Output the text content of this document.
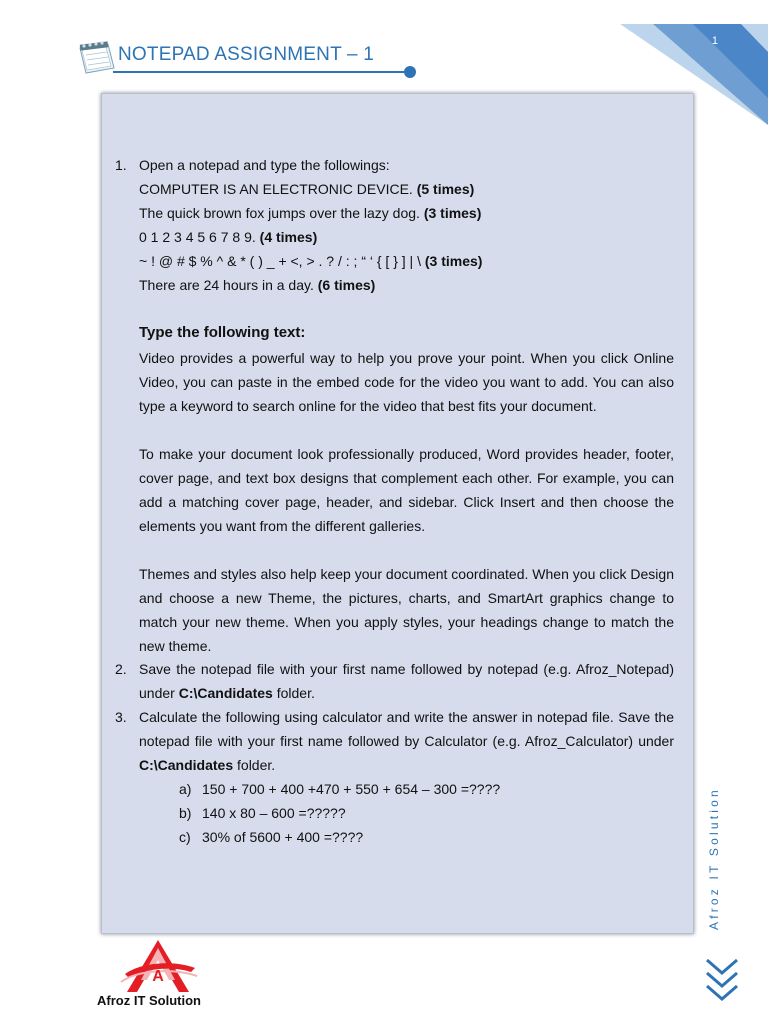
NOTEPAD ASSIGNMENT – 1
1
1. Open a notepad and type the followings:
COMPUTER IS AN ELECTRONIC DEVICE. (5 times)
The quick brown fox jumps over the lazy dog. (3 times)
0 1 2 3 4 5 6 7 8 9. (4 times)
~ ! @ # $ % ^ & * ( ) _ + <, > . ? / : ; “ ‘ { [ } ] | \ (3 times)
There are 24 hours in a day. (6 times)
Type the following text:
Video provides a powerful way to help you prove your point. When you click Online Video, you can paste in the embed code for the video you want to add. You can also type a keyword to search online for the video that best fits your document.
To make your document look professionally produced, Word provides header, footer, cover page, and text box designs that complement each other. For example, you can add a matching cover page, header, and sidebar. Click Insert and then choose the elements you want from the different galleries.
Themes and styles also help keep your document coordinated. When you click Design and choose a new Theme, the pictures, charts, and SmartArt graphics change to match your new theme. When you apply styles, your headings change to match the new theme.
2. Save the notepad file with your first name followed by notepad (e.g. Afroz_Notepad) under C:\Candidates folder.
3. Calculate the following using calculator and write the answer in notepad file. Save the notepad file with your first name followed by Calculator (e.g. Afroz_Calculator) under C:\Candidates folder.
a) 150 + 700 + 400 +470 + 550 + 654 – 300 =????
b) 140 x 80 – 600 =?????
c) 30% of 5600 + 400 =????	Afroz IT Solution
A
Afroz IT Solution
